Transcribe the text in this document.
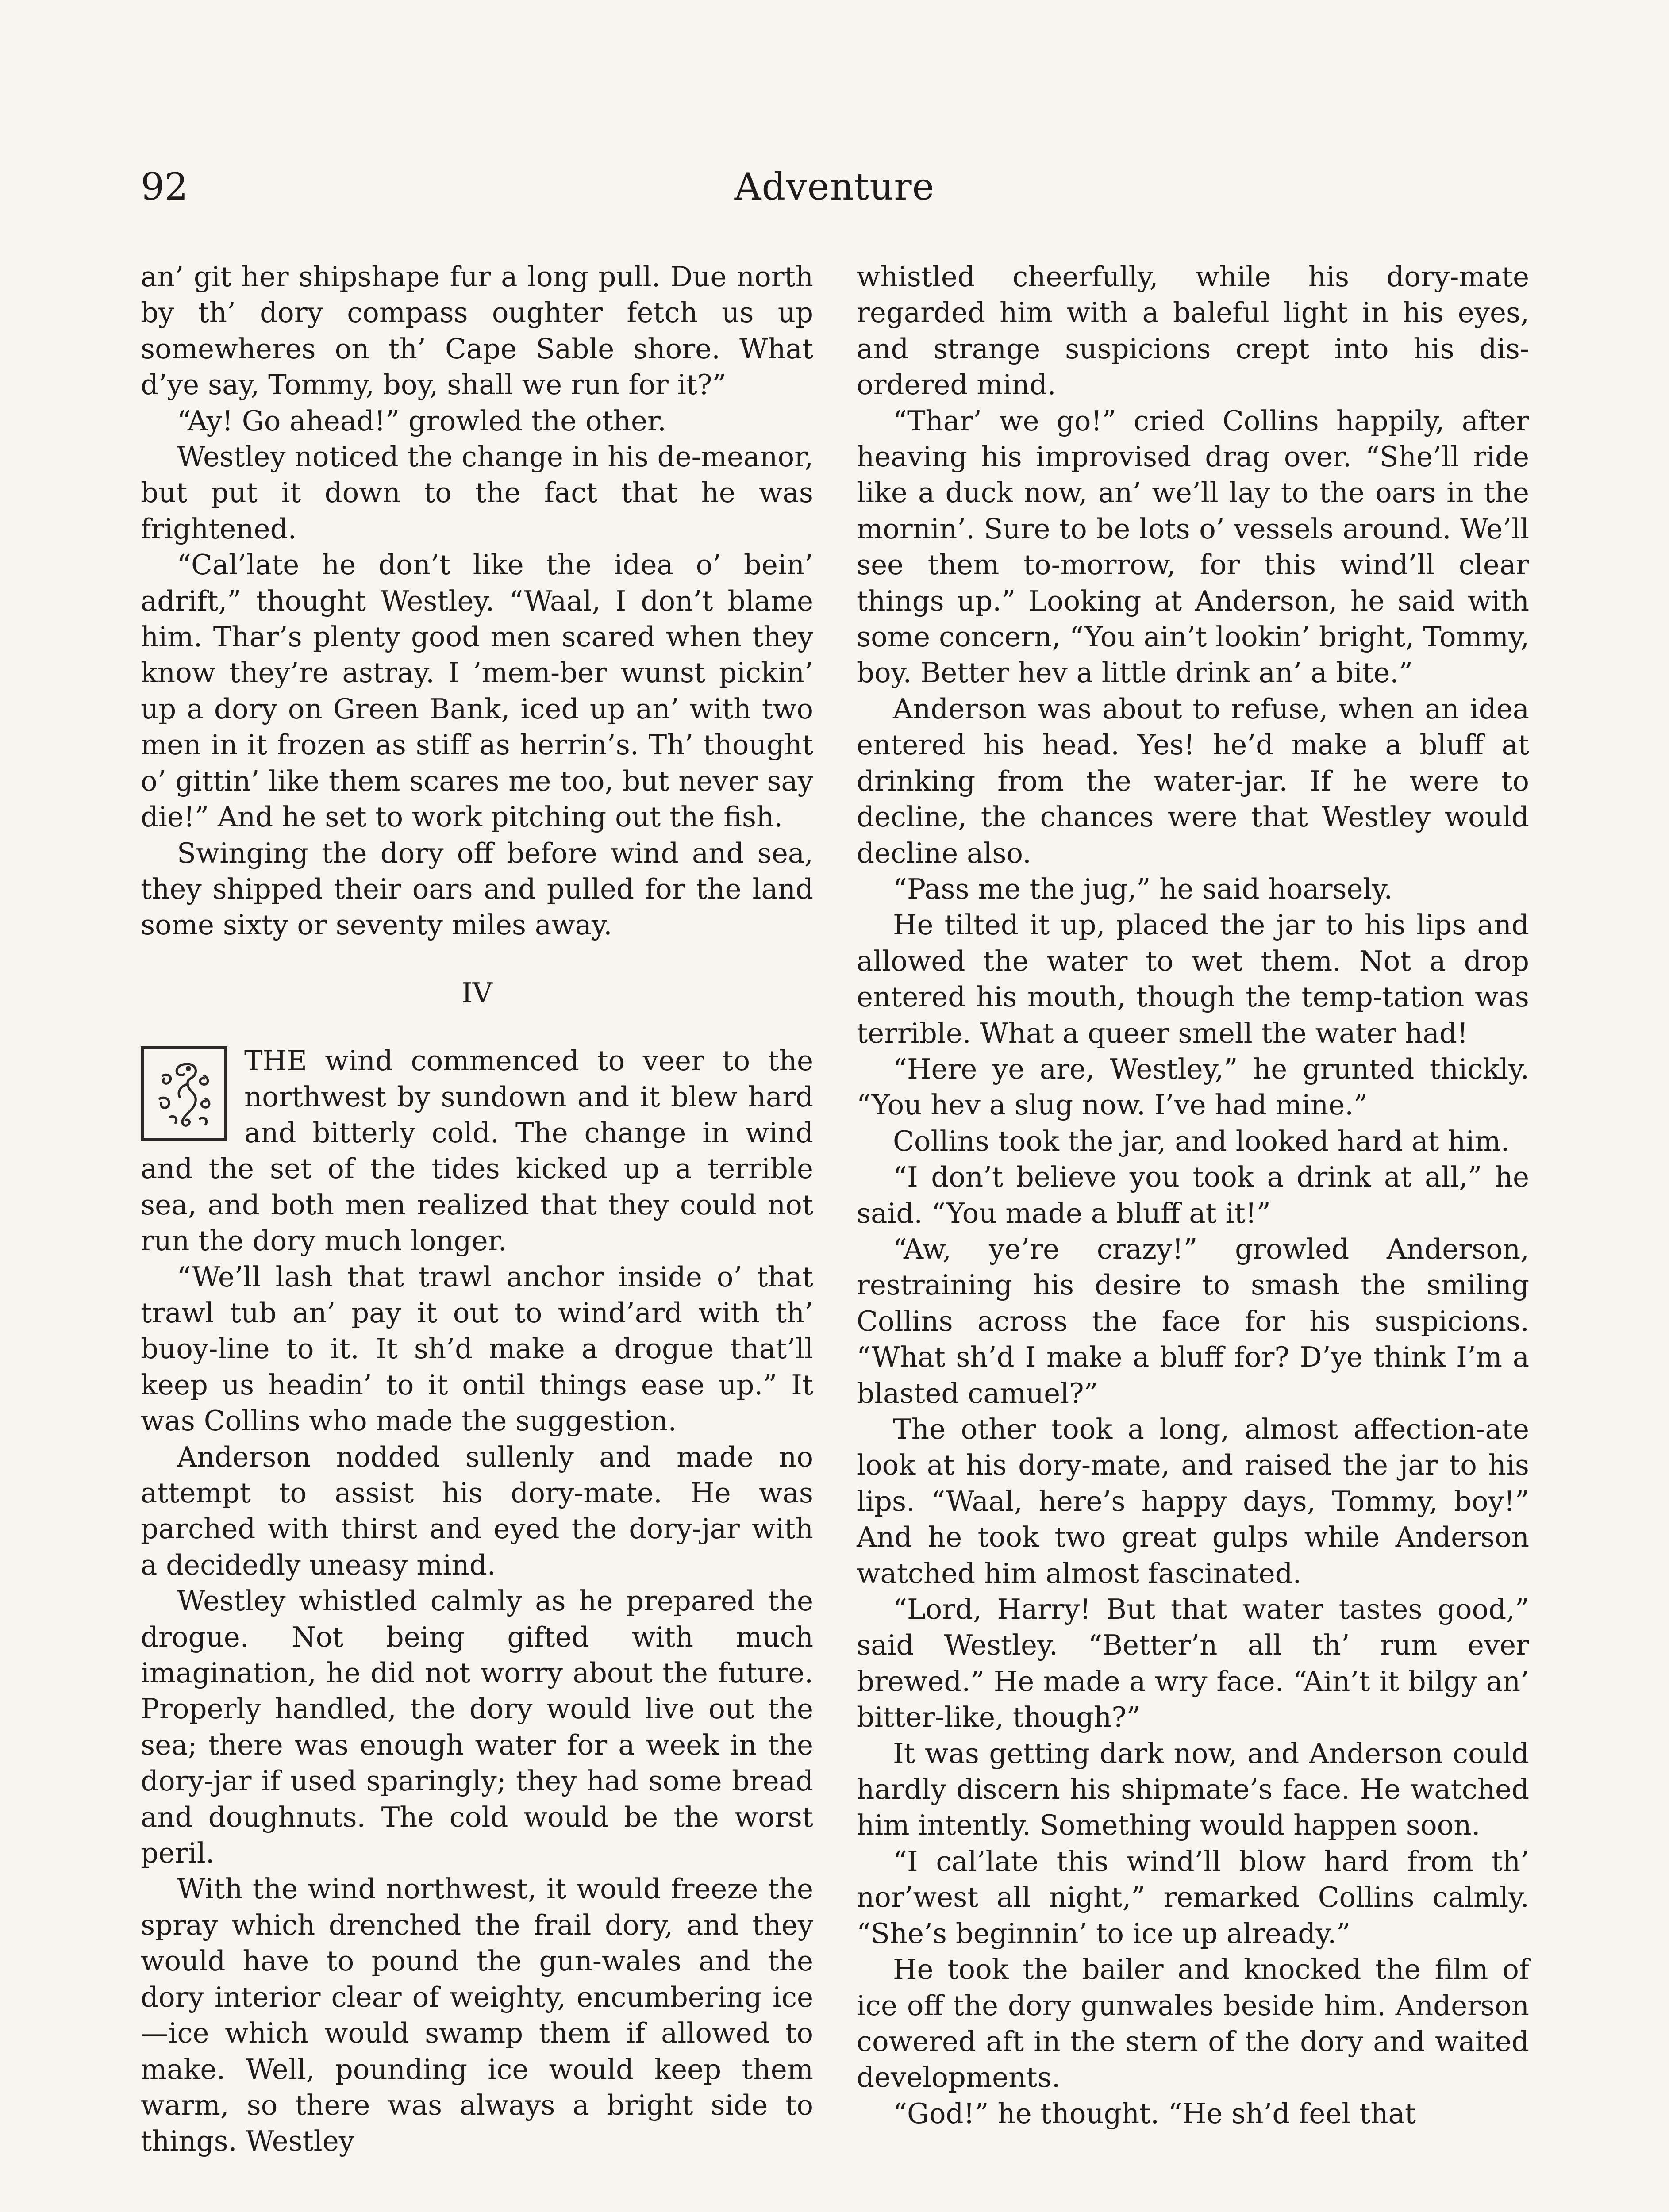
92	Adventure

an’ git her shipshape fur a long pull. Due north by th’ dory compass oughter fetch us up somewheres on th’ Cape Sable shore. What d’ye say, Tommy, boy, shall we run for it?”

“Ay! Go ahead!” growled the other.

Westley noticed the change in his de-meanor, but put it down to the fact that he was frightened.

“Cal’late he don’t like the idea o’ bein’ adrift,” thought Westley. “Waal, I don’t blame him. Thar’s plenty good men scared when they know they’re astray. I ’mem-ber wunst pickin’ up a dory on Green Bank, iced up an’ with two men in it frozen as stiff as herrin’s. Th’ thought o’ gittin’ like them scares me too, but never say die!” And he set to work pitching out the fish.

Swinging the dory off before wind and sea, they shipped their oars and pulled for the land some sixty or seventy miles away.

IV

THE wind commenced to veer to the northwest by sundown and it blew hard and bitterly cold. The change in wind and the set of the tides kicked up a terrible sea, and both men realized that they could not run the dory much longer.

“We’ll lash that trawl anchor inside o’ that trawl tub an’ pay it out to wind’ard with th’ buoy-line to it. It sh’d make a drogue that’ll keep us headin’ to it ontil things ease up.” It was Collins who made the suggestion.

Anderson nodded sullenly and made no attempt to assist his dory-mate. He was parched with thirst and eyed the dory-jar with a decidedly uneasy mind.

Westley whistled calmly as he prepared the drogue. Not being gifted with much imagination, he did not worry about the future. Properly handled, the dory would live out the sea; there was enough water for a week in the dory-jar if used sparingly; they had some bread and doughnuts. The cold would be the worst peril.

With the wind northwest, it would freeze the spray which drenched the frail dory, and they would have to pound the gun-wales and the dory interior clear of weighty, encumbering ice—ice which would swamp them if allowed to make. Well, pounding ice would keep them warm, so there was always a bright side to things. Westley

whistled cheerfully, while his dory-mate regarded him with a baleful light in his eyes, and strange suspicions crept into his dis-ordered mind.

“Thar’ we go!” cried Collins happily, after heaving his improvised drag over. “She’ll ride like a duck now, an’ we’ll lay to the oars in the mornin’. Sure to be lots o’ vessels around. We’ll see them to-morrow, for this wind’ll clear things up.” Looking at Anderson, he said with some concern, “You ain’t lookin’ bright, Tommy, boy. Better hev a little drink an’ a bite.”

Anderson was about to refuse, when an idea entered his head. Yes! he’d make a bluff at drinking from the water-jar. If he were to decline, the chances were that Westley would decline also.

“Pass me the jug,” he said hoarsely.

He tilted it up, placed the jar to his lips and allowed the water to wet them. Not a drop entered his mouth, though the temp-tation was terrible. What a queer smell the water had!

“Here ye are, Westley,” he grunted thickly. “You hev a slug now. I’ve had mine.”

Collins took the jar, and looked hard at him.

“I don’t believe you took a drink at all,” he said. “You made a bluff at it!”

“Aw, ye’re crazy!” growled Anderson, restraining his desire to smash the smiling Collins across the face for his suspicions. “What sh’d I make a bluff for? D’ye think I’m a blasted camuel?”

The other took a long, almost affection-ate look at his dory-mate, and raised the jar to his lips. “Waal, here’s happy days, Tommy, boy!” And he took two great gulps while Anderson watched him almost fascinated.

“Lord, Harry! But that water tastes good,” said Westley. “Better’n all th’ rum ever brewed.” He made a wry face. “Ain’t it bilgy an’ bitter-like, though?”

It was getting dark now, and Anderson could hardly discern his shipmate’s face. He watched him intently. Something would happen soon.

“I cal’late this wind’ll blow hard from th’ nor’west all night,” remarked Collins calmly. “She’s beginnin’ to ice up already.”

He took the bailer and knocked the film of ice off the dory gunwales beside him. Anderson cowered aft in the stern of the dory and waited developments.

“God!” he thought. “He sh’d feel that
